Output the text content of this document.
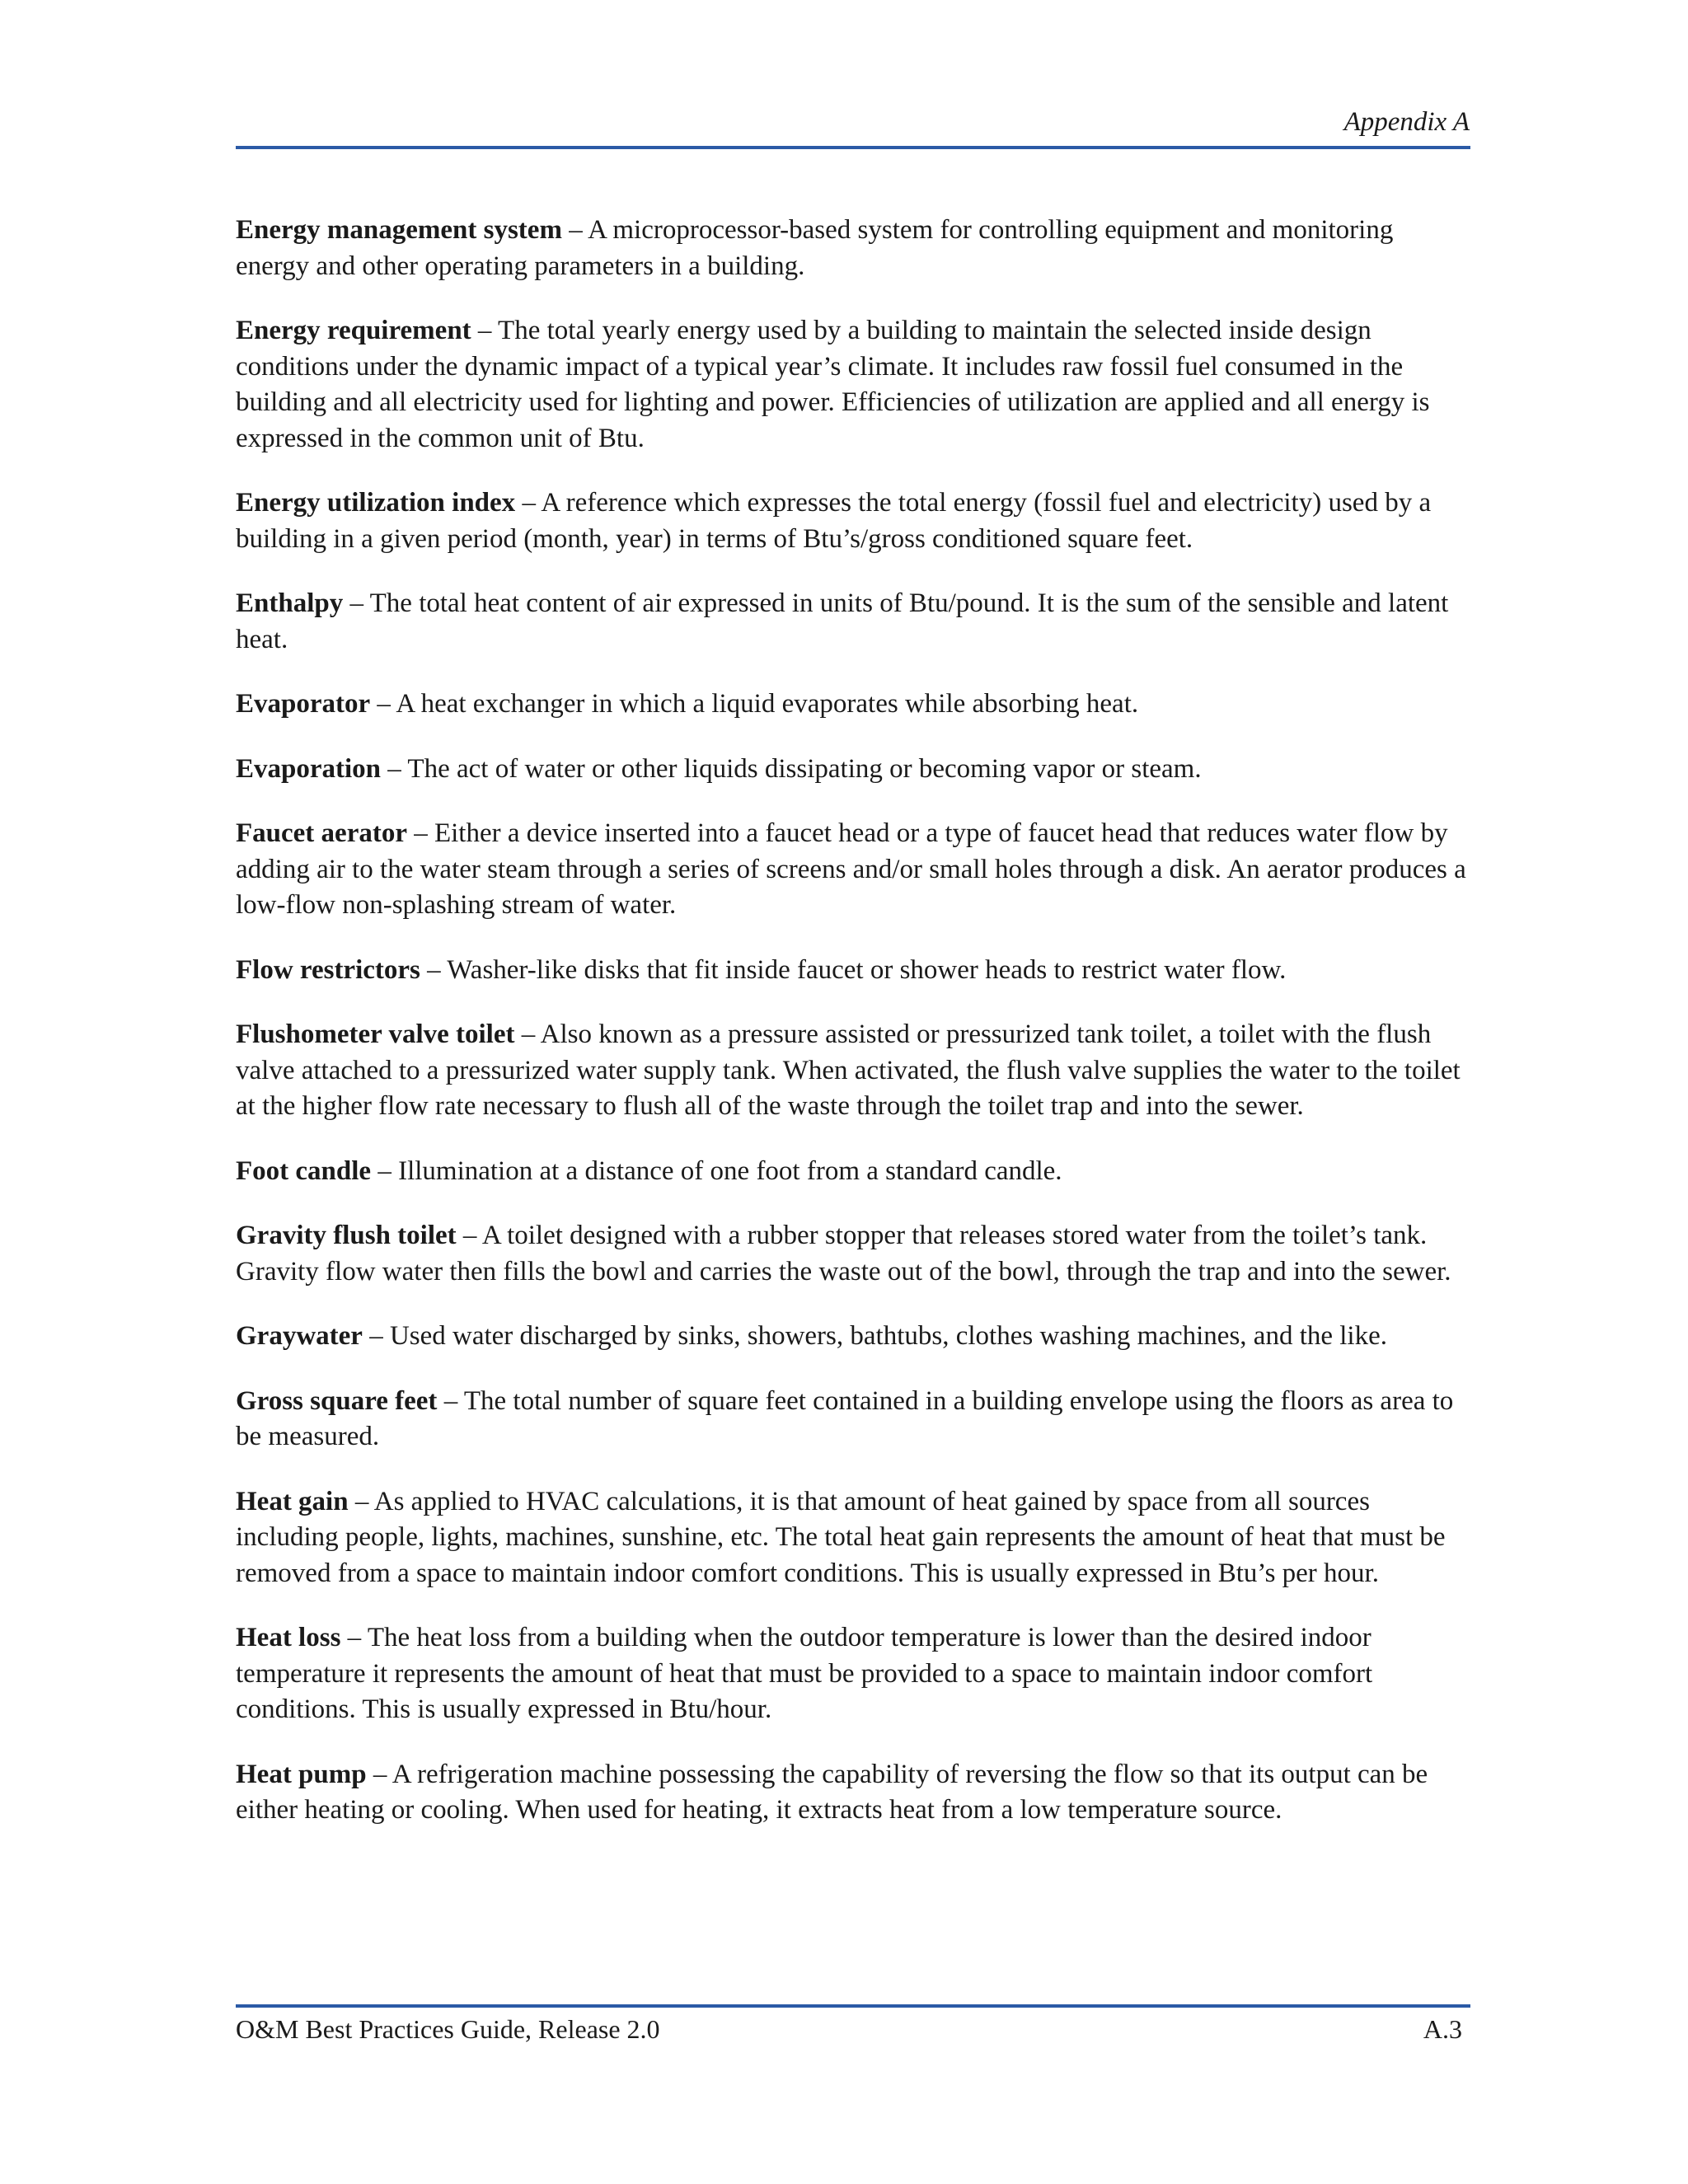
Appendix A

Energy management system – A microprocessor-based system for controlling equipment and monitoring energy and other operating parameters in a building.

Energy requirement – The total yearly energy used by a building to maintain the selected inside design conditions under the dynamic impact of a typical year’s climate. It includes raw fossil fuel consumed in the building and all electricity used for lighting and power. Efficiencies of utilization are applied and all energy is expressed in the common unit of Btu.

Energy utilization index – A reference which expresses the total energy (fossil fuel and electricity) used by a building in a given period (month, year) in terms of Btu’s/gross conditioned square feet.

Enthalpy – The total heat content of air expressed in units of Btu/pound. It is the sum of the sensible and latent heat.

Evaporator – A heat exchanger in which a liquid evaporates while absorbing heat.

Evaporation – The act of water or other liquids dissipating or becoming vapor or steam.

Faucet aerator – Either a device inserted into a faucet head or a type of faucet head that reduces water flow by adding air to the water steam through a series of screens and/or small holes through a disk. An aerator produces a low-flow non-splashing stream of water.

Flow restrictors – Washer-like disks that fit inside faucet or shower heads to restrict water flow.

Flushometer valve toilet – Also known as a pressure assisted or pressurized tank toilet, a toilet with the flush valve attached to a pressurized water supply tank. When activated, the flush valve supplies the water to the toilet at the higher flow rate necessary to flush all of the waste through the toilet trap and into the sewer.

Foot candle – Illumination at a distance of one foot from a standard candle.

Gravity flush toilet – A toilet designed with a rubber stopper that releases stored water from the toilet’s tank. Gravity flow water then fills the bowl and carries the waste out of the bowl, through the trap and into the sewer.

Graywater – Used water discharged by sinks, showers, bathtubs, clothes washing machines, and the like.

Gross square feet – The total number of square feet contained in a building envelope using the floors as area to be measured.

Heat gain – As applied to HVAC calculations, it is that amount of heat gained by space from all sources including people, lights, machines, sunshine, etc. The total heat gain represents the amount of heat that must be removed from a space to maintain indoor comfort conditions. This is usually expressed in Btu’s per hour.

Heat loss – The heat loss from a building when the outdoor temperature is lower than the desired indoor temperature it represents the amount of heat that must be provided to a space to maintain indoor comfort conditions. This is usually expressed in Btu/hour.

Heat pump – A refrigeration machine possessing the capability of reversing the flow so that its output can be either heating or cooling. When used for heating, it extracts heat from a low temperature source.

O&M Best Practices Guide, Release 2.0	A.3
